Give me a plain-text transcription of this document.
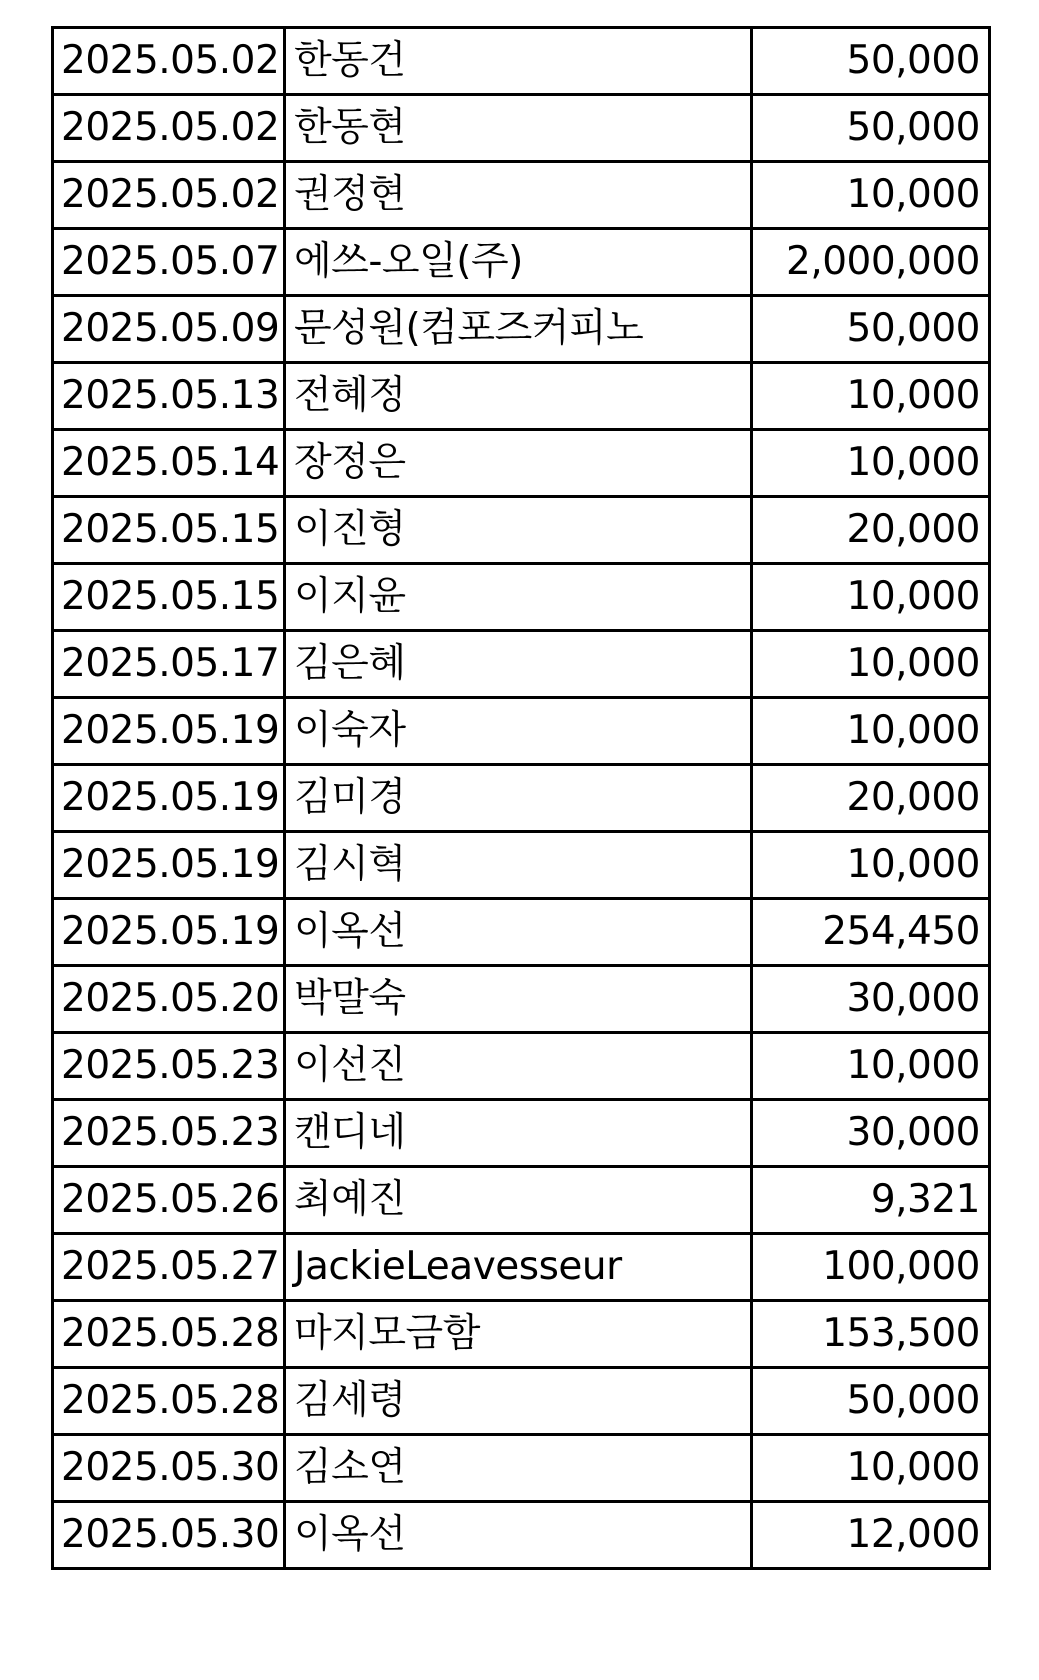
2025.05.02	한동건	50,000
2025.05.02	한동현	50,000
2025.05.02	권정현	10,000
2025.05.07	에쓰-오일(주)	2,000,000
2025.05.09	문성원(컴포즈커피노	50,000
2025.05.13	전혜정	10,000
2025.05.14	장정은	10,000
2025.05.15	이진형	20,000
2025.05.15	이지윤	10,000
2025.05.17	김은혜	10,000
2025.05.19	이숙자	10,000
2025.05.19	김미경	20,000
2025.05.19	김시혁	10,000
2025.05.19	이옥선	254,450
2025.05.20	박말숙	30,000
2025.05.23	이선진	10,000
2025.05.23	캔디네	30,000
2025.05.26	최예진	9,321
2025.05.27	JackieLeavesseur	100,000
2025.05.28	마지모금함	153,500
2025.05.28	김세령	50,000
2025.05.30	김소연	10,000
2025.05.30	이옥선	12,000
